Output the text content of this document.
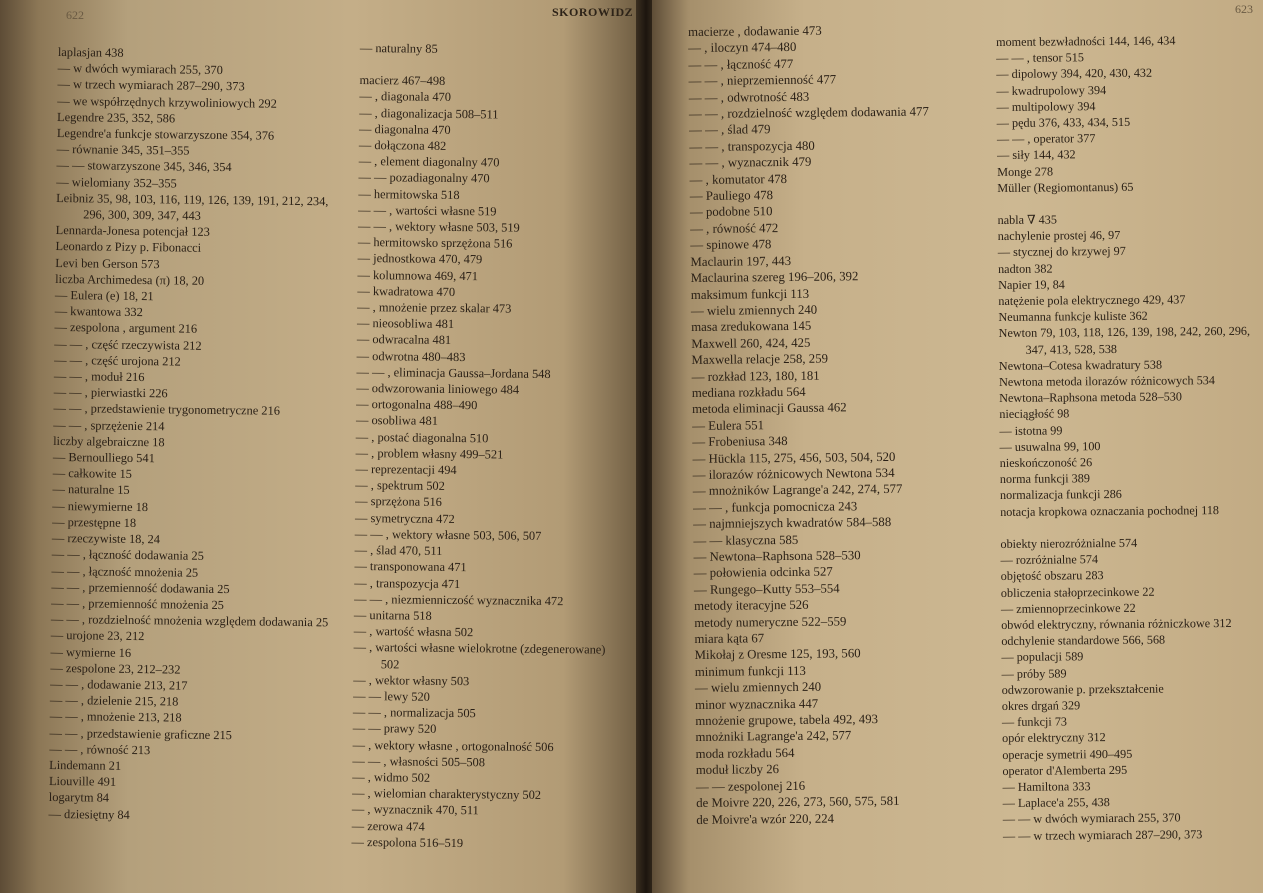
622	SKOROWIDZ
laplasjan 438
— w dwóch wymiarach 255, 370
— w trzech wymiarach 287–290, 373
— we współrzędnych krzywoliniowych 292
Legendre 235, 352, 586
Legendre'a funkcje stowarzyszone 354, 376
— równanie 345, 351–355
— — stowarzyszone 345, 346, 354
— wielomiany 352–355
Leibniz 35, 98, 103, 116, 119, 126, 139, 191, 212, 234, 296, 300, 309, 347, 443
Lennarda-Jonesa potencjał 123
Leonardo z Pizy p. Fibonacci
Levi ben Gerson 573
liczba Archimedesa (π) 18, 20
— Eulera (e) 18, 21
— kwantowa 332
— zespolona , argument 216
— — , część rzeczywista 212
— — , część urojona 212
— — , moduł 216
— — , pierwiastki 226
— — , przedstawienie trygonometryczne 216
— — , sprzężenie 214
liczby algebraiczne 18
— Bernoulliego 541
— całkowite 15
— naturalne 15
— niewymierne 18
— przestępne 18
— rzeczywiste 18, 24
— — , łączność dodawania 25
— — , łączność mnożenia 25
— — , przemienność dodawania 25
— — , przemienność mnożenia 25
— — , rozdzielność mnożenia względem dodawania 25
— urojone 23, 212
— wymierne 16
— zespolone 23, 212–232
— — , dodawanie 213, 217
— — , dzielenie 215, 218
— — , mnożenie 213, 218
— — , przedstawienie graficzne 215
— — , równość 213
Lindemann 21
Liouville 491
logarytm 84
— dziesiętny 84
— naturalny 85
macierz 467–498
— , diagonala 470
— , diagonalizacja 508–511
— diagonalna 470
— dołączona 482
— , element diagonalny 470
— — pozadiagonalny 470
— hermitowska 518
— — , wartości własne 519
— — , wektory własne 503, 519
— hermitowsko sprzężona 516
— jednostkowa 470, 479
— kolumnowa 469, 471
— kwadratowa 470
— , mnożenie przez skalar 473
— nieosobliwa 481
— odwracalna 481
— odwrotna 480–483
— — , eliminacja Gaussa–Jordana 548
— odwzorowania liniowego 484
— ortogonalna 488–490
— osobliwa 481
— , postać diagonalna 510
— , problem własny 499–521
— reprezentacji 494
— , spektrum 502
— sprzężona 516
— symetryczna 472
— — , wektory własne 503, 506, 507
— , ślad 470, 511
— transponowana 471
— , transpozycja 471
— — , niezmienniczość wyznacznika 472
— unitarna 518
— , wartość własna 502
— , wartości własne wielokrotne (zdegenerowane) 502
— , wektor własny 503
— — lewy 520
— — , normalizacja 505
— — prawy 520
— , wektory własne , ortogonalność 506
— — , własności 505–508
— , widmo 502
— , wielomian charakterystyczny 502
— , wyznacznik 470, 511
— zerowa 474
— zespolona 516–519
623
macierze , dodawanie 473
— , iloczyn 474–480
— — , łączność 477
— — , nieprzemienność 477
— — , odwrotność 483
— — , rozdzielność względem dodawania 477
— — , ślad 479
— — , transpozycja 480
— — , wyznacznik 479
— , komutator 478
— Pauliego 478
— podobne 510
— , równość 472
— spinowe 478
Maclaurin 197, 443
Maclaurina szereg 196–206, 392
maksimum funkcji 113
— wielu zmiennych 240
masa zredukowana 145
Maxwell 260, 424, 425
Maxwella relacje 258, 259
— rozkład 123, 180, 181
mediana rozkładu 564
metoda eliminacji Gaussa 462
— Eulera 551
— Frobeniusa 348
— Hückla 115, 275, 456, 503, 504, 520
— ilorazów różnicowych Newtona 534
— mnożników Lagrange'a 242, 274, 577
— — , funkcja pomocnicza 243
— najmniejszych kwadratów 584–588
— — klasyczna 585
— Newtona–Raphsona 528–530
— połowienia odcinka 527
— Rungego–Kutty 553–554
metody iteracyjne 526
metody numeryczne 522–559
miara kąta 67
Mikołaj z Oresme 125, 193, 560
minimum funkcji 113
— wielu zmiennych 240
minor wyznacznika 447
mnożenie grupowe, tabela 492, 493
mnożniki Lagrange'a 242, 577
moda rozkładu 564
moduł liczby 26
— — zespolonej 216
de Moivre 220, 226, 273, 560, 575, 581
de Moivre'a wzór 220, 224
moment bezwładności 144, 146, 434
— — , tensor 515
— dipolowy 394, 420, 430, 432
— kwadrupolowy 394
— multipolowy 394
— pędu 376, 433, 434, 515
— — , operator 377
— siły 144, 432
Monge 278
Müller (Regiomontanus) 65
nabla ∇ 435
nachylenie prostej 46, 97
— stycznej do krzywej 97
nadton 382
Napier 19, 84
natężenie pola elektrycznego 429, 437
Neumanna funkcje kuliste 362
Newton 79, 103, 118, 126, 139, 198, 242, 260, 296, 347, 413, 528, 538
Newtona–Cotesa kwadratury 538
Newtona metoda ilorazów różnicowych 534
Newtona–Raphsona metoda 528–530
nieciągłość 98
— istotna 99
— usuwalna 99, 100
nieskończoność 26
norma funkcji 389
normalizacja funkcji 286
notacja kropkowa oznaczania pochodnej 118
obiekty nierozróżnialne 574
— rozróżnialne 574
objętość obszaru 283
obliczenia stałoprzecinkowe 22
— zmiennoprzecinkowe 22
obwód elektryczny, równania różniczkowe 312
odchylenie standardowe 566, 568
— populacji 589
— próby 589
odwzorowanie p. przekształcenie
okres drgań 329
— funkcji 73
opór elektryczny 312
operacje symetrii 490–495
operator d'Alemberta 295
— Hamiltona 333
— Laplace'a 255, 438
— — w dwóch wymiarach 255, 370
— — w trzech wymiarach 287–290, 373
